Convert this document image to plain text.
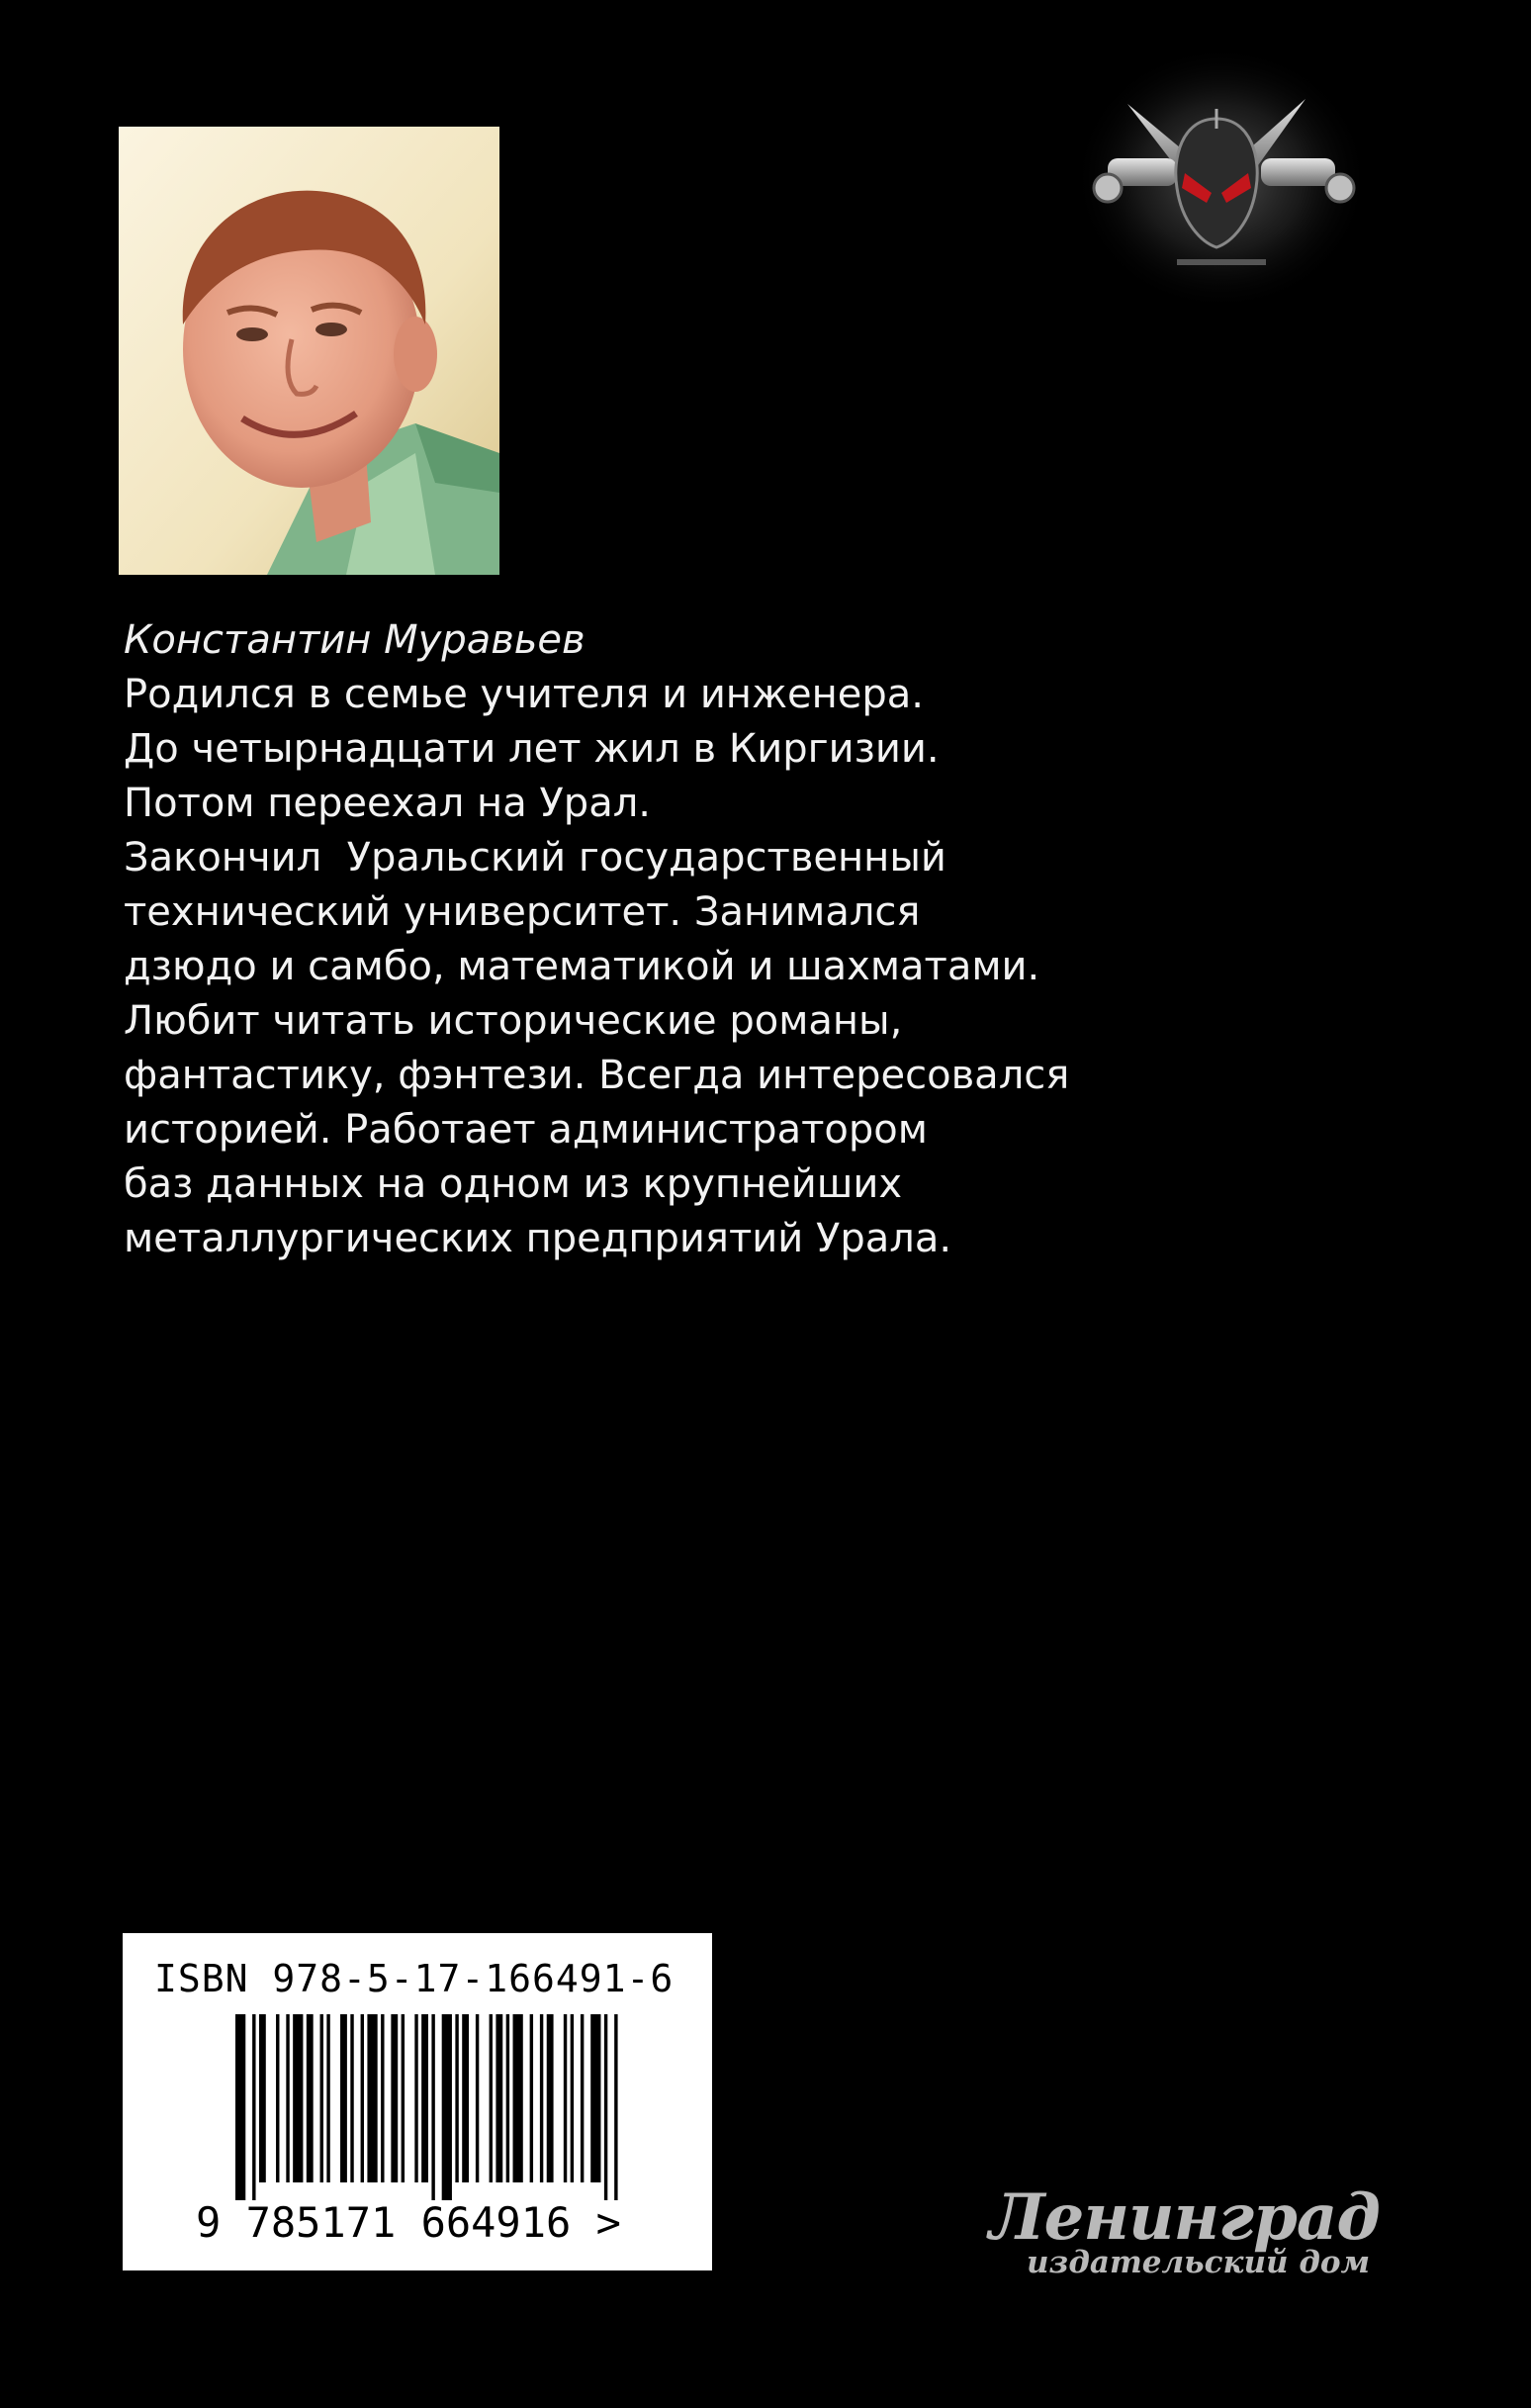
Константин Муравьев

Родился в семье учителя и инженера.

До четырнадцати лет жил в Киргизии.

Потом переехал на Урал.

Закончил  Уральский государственный

технический университет. Занимался

дзюдо и самбо, математикой и шахматами.

Любит читать исторические романы,

фантастику, фэнтези. Всегда интересовался

историей. Работает администратором

баз данных на одном из крупнейших

металлургических предприятий Урала.

ISBN 978-5-17-166491-6
9 785171 664916 >	Ленинград
издательский дом
